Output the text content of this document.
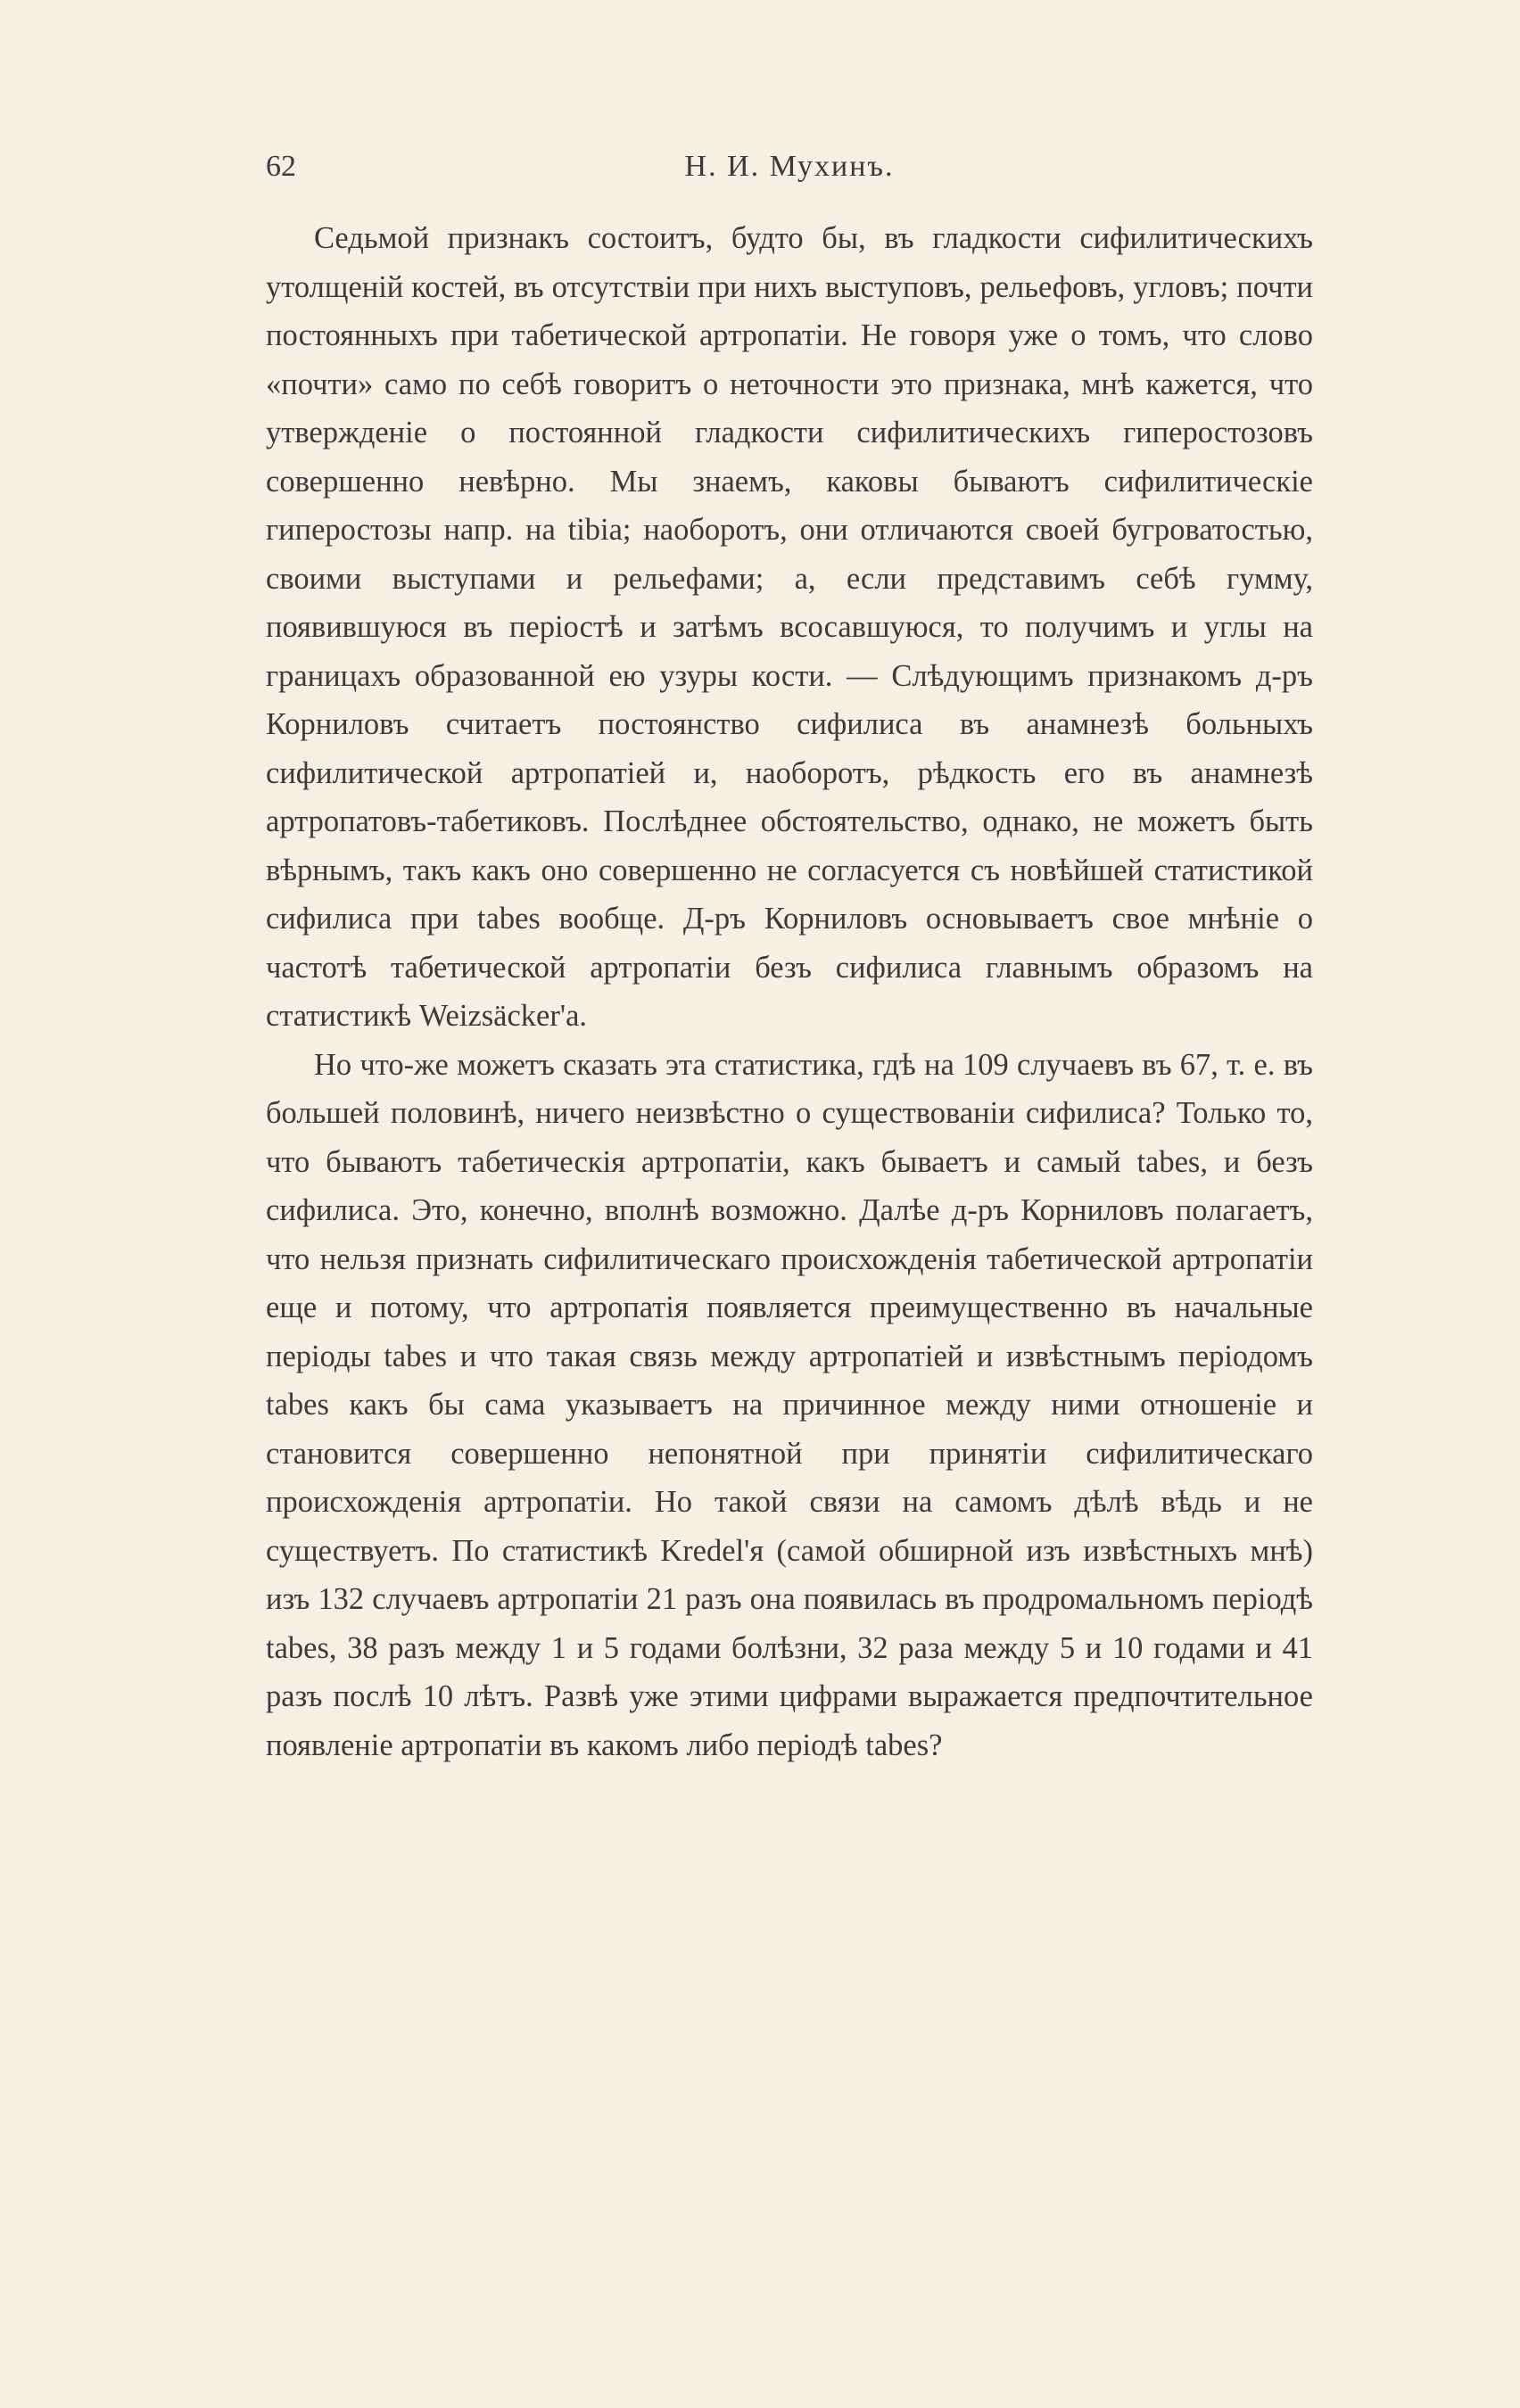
62	Н. И. Мухинъ.

Седьмой признакъ состоитъ, будто бы, въ гладкости сифилитическихъ утолщеній костей, въ отсутствіи при нихъ выступовъ, рельефовъ, угловъ; почти постоянныхъ при табетической артропатіи. Не говоря уже о томъ, что слово «почти» само по себѣ говоритъ о неточности это признака, мнѣ кажется, что утвержденіе о постоянной гладкости сифилитическихъ гиперостозовъ совершенно невѣрно. Мы знаемъ, каковы бываютъ сифилитическіе гиперостозы напр. на tibia; наоборотъ, они отличаются своей бугроватостью, своими выступами и рельефами; а, если представимъ себѣ гумму, появившуюся въ періостѣ и затѣмъ всосавшуюся, то получимъ и углы на границахъ образованной ею узуры кости. — Слѣдующимъ признакомъ д-ръ Корниловъ считаетъ постоянство сифилиса въ анамнезѣ больныхъ сифилитической артропатіей и, наоборотъ, рѣдкость его въ анамнезѣ артропатовъ-табетиковъ. Послѣднее обстоятельство, однако, не можетъ быть вѣрнымъ, такъ какъ оно совершенно не согласуется съ новѣйшей статистикой сифилиса при tabes вообще. Д-ръ Корниловъ основываетъ свое мнѣніе о частотѣ табетической артропатіи безъ сифилиса главнымъ образомъ на статистикѣ Weizsäcker'a.

Но что-же можетъ сказать эта статистика, гдѣ на 109 случаевъ въ 67, т. е. въ большей половинѣ, ничего неизвѣстно о существованіи сифилиса? Только то, что бываютъ табетическія артропатіи, какъ бываетъ и самый tabes, и безъ сифилиса. Это, конечно, вполнѣ возможно. Далѣе д-ръ Корниловъ полагаетъ, что нельзя признать сифилитическаго происхожденія табетической артропатіи еще и потому, что артропатія появляется преимущественно въ начальные періоды tabes и что такая связь между артропатіей и извѣстнымъ періодомъ tabes какъ бы сама указываетъ на причинное между ними отношеніе и становится совершенно непонятной при принятіи сифилитическаго происхожденія артропатіи. Но такой связи на самомъ дѣлѣ вѣдь и не существуетъ. По статистикѣ Kredel'я (самой обширной изъ извѣстныхъ мнѣ) изъ 132 случаевъ артропатіи 21 разъ она появилась въ продромальномъ періодѣ tabes, 38 разъ между 1 и 5 годами болѣзни, 32 раза между 5 и 10 годами и 41 разъ послѣ 10 лѣтъ. Развѣ уже этими цифрами выражается предпочтительное появленіе артропатіи въ какомъ либо періодѣ tabes?
